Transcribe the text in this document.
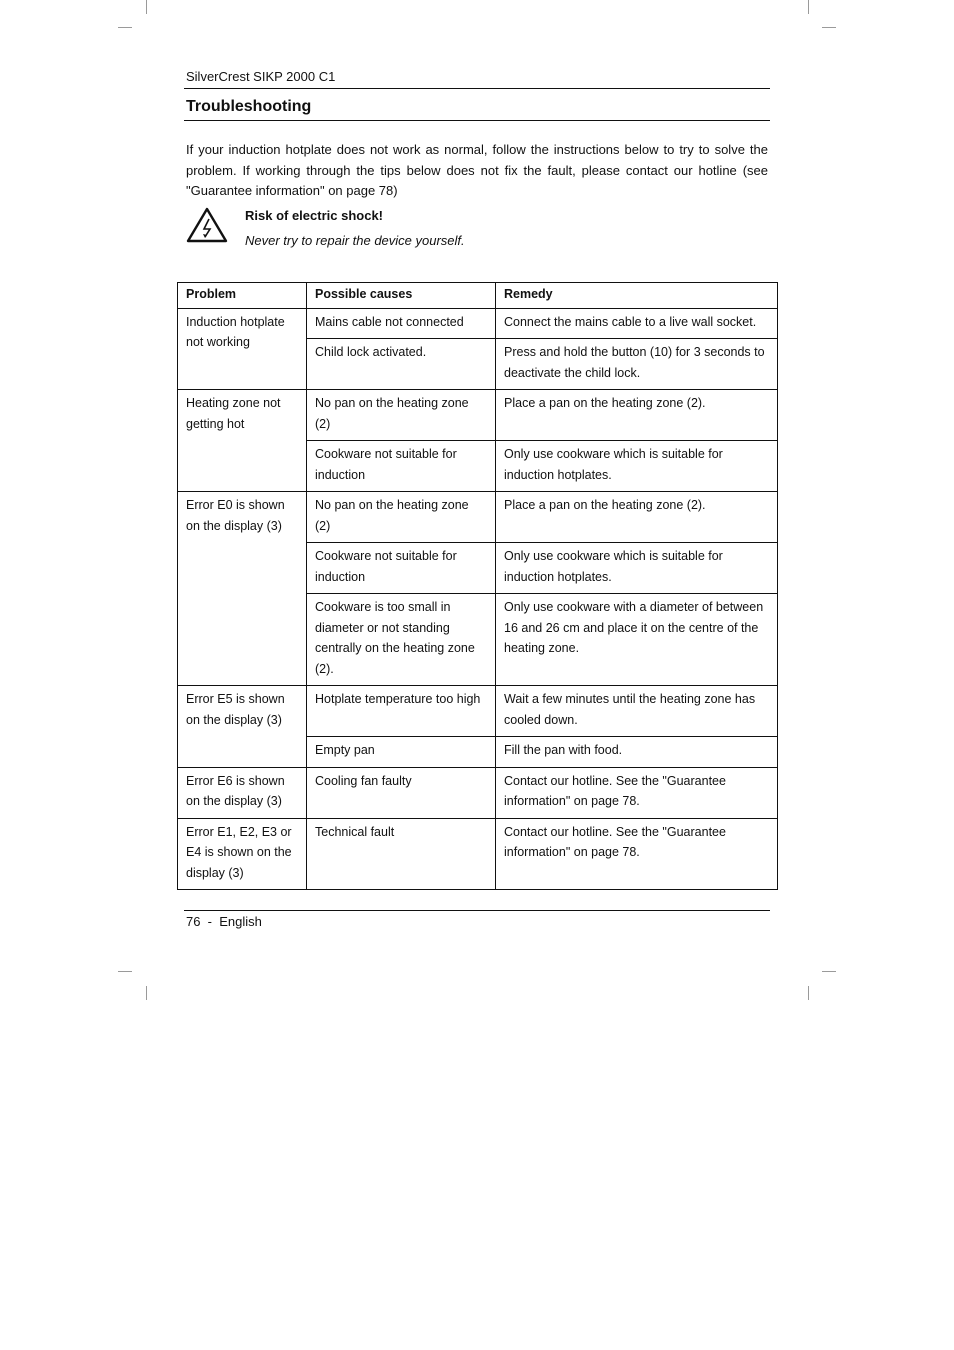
SilverCrest SIKP 2000 C1
Troubleshooting
If your induction hotplate does not work as normal, follow the instructions below to try to solve the problem. If working through the tips below does not fix the fault, please contact our hotline (see "Guarantee information" on page 78)
Risk of electric shock!
Never try to repair the device yourself.
Problem	Possible causes	Remedy
Induction hotplate not working	Mains cable not connected	Connect the mains cable to a live wall socket.
	Child lock activated.	Press and hold the button (10) for 3 seconds to deactivate the child lock.
Heating zone not getting hot	No pan on the heating zone (2)	Place a pan on the heating zone (2).
	Cookware not suitable for induction	Only use cookware which is suitable for induction hotplates.
Error E0 is shown on the display (3)	No pan on the heating zone (2)	Place a pan on the heating zone (2).
	Cookware not suitable for induction	Only use cookware which is suitable for induction hotplates.
	Cookware is too small in diameter or not standing centrally on the heating zone (2).	Only use cookware with a diameter of between 16 and 26 cm and place it on the centre of the heating zone.
Error E5 is shown on the display (3)	Hotplate temperature too high	Wait a few minutes until the heating zone has cooled down.
	Empty pan	Fill the pan with food.
Error E6 is shown on the display (3)	Cooling fan faulty	Contact our hotline. See the "Guarantee information" on page 78.
Error E1, E2, E3 or E4 is shown on the display (3)	Technical fault	Contact our hotline. See the "Guarantee information" on page 78.
76  -  English
